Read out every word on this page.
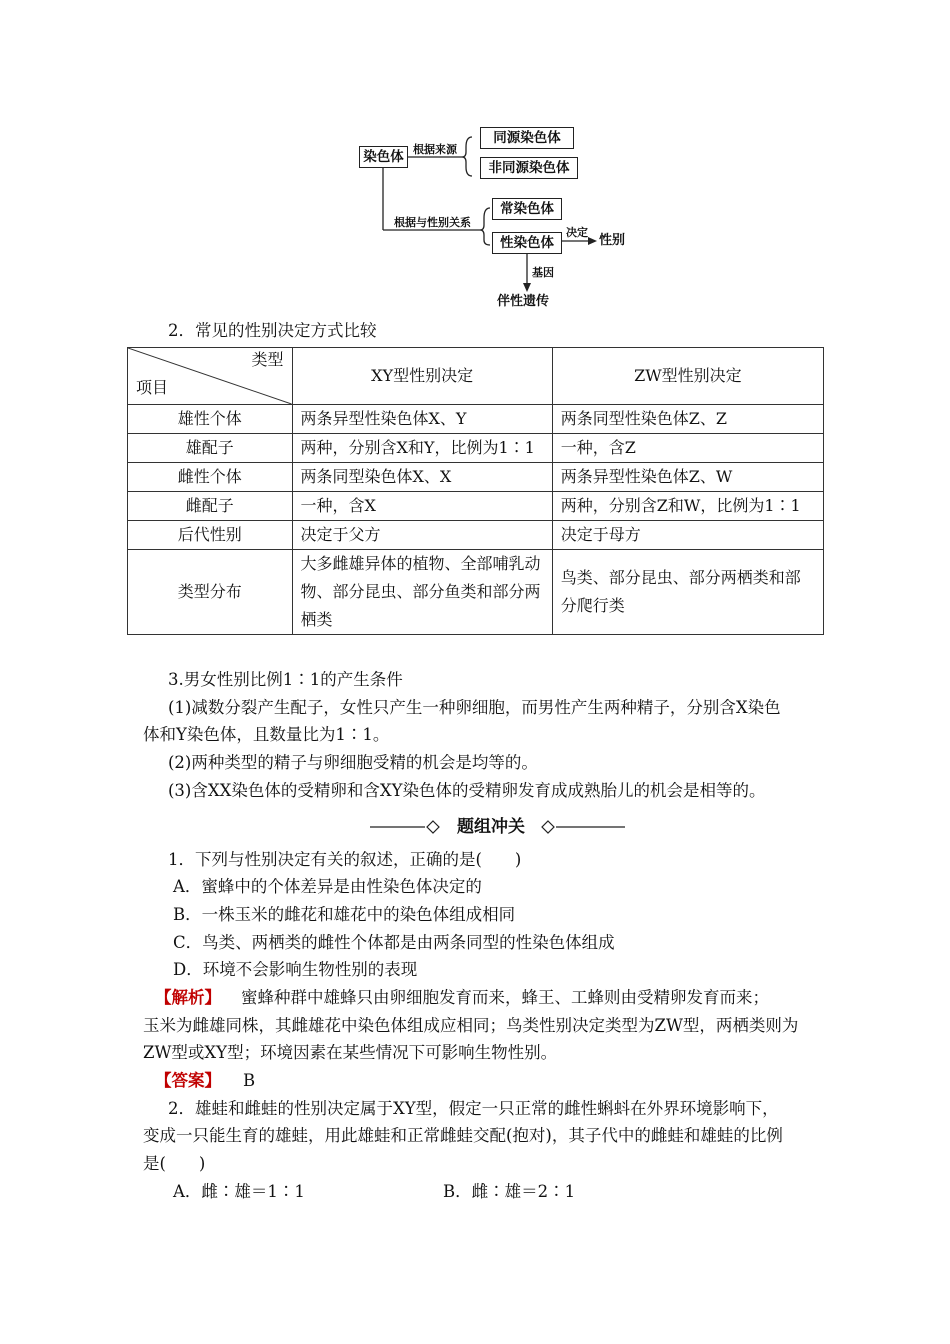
染色体 根据来源
同源染色体
非同源染色体
根据与性别关系
常染色体
性染色体
决定
性别
基因
伴性遗传
2．常见的性别决定方式比较
类型
项目	XY型性别决定	ZW型性别决定
雄性个体	两条异型性染色体X、Y	两条同型性染色体Z、Z
雄配子	两种，分别含X和Y，比例为1∶1	一种，含Z
雌性个体	两条同型染色体X、X	两条异型性染色体Z、W
雌配子	一种，含X	两种，分别含Z和W，比例为1∶1
后代性别	决定于父方	决定于母方
类型分布	大多雌雄异体的植物、全部哺乳动物、部分昆虫、部分鱼类和部分两栖类	鸟类、部分昆虫、部分两栖类和部分爬行类
3.男女性别比例1∶1的产生条件
(1)减数分裂产生配子，女性只产生一种卵细胞，而男性产生两种精子，分别含X染色
体和Y染色体，且数量比为1∶1。
(2)两种类型的精子与卵细胞受精的机会是均等的。
(3)含XX染色体的受精卵和含XY染色体的受精卵发育成成熟胎儿的机会是相等的。
题组冲关
1．下列与性别决定有关的叙述，正确的是(　　)
A．蜜蜂中的个体差异是由性染色体决定的
B．一株玉米的雌花和雄花中的染色体组成相同
C．鸟类、两栖类的雌性个体都是由两条同型的性染色体组成
D．环境不会影响生物性别的表现
【解析】 蜜蜂种群中雄蜂只由卵细胞发育而来，蜂王、工蜂则由受精卵发育而来；
玉米为雌雄同株，其雌雄花中染色体组成应相同；鸟类性别决定类型为ZW型，两栖类则为
ZW型或XY型；环境因素在某些情况下可影响生物性别。
【答案】 B
2．雄蛙和雌蛙的性别决定属于XY型，假定一只正常的雌性蝌蚪在外界环境影响下，
变成一只能生育的雄蛙，用此雄蛙和正常雌蛙交配(抱对)，其子代中的雌蛙和雄蛙的比例
是(　　)
A．雌∶雄＝1∶1	B．雌∶雄＝2∶1
